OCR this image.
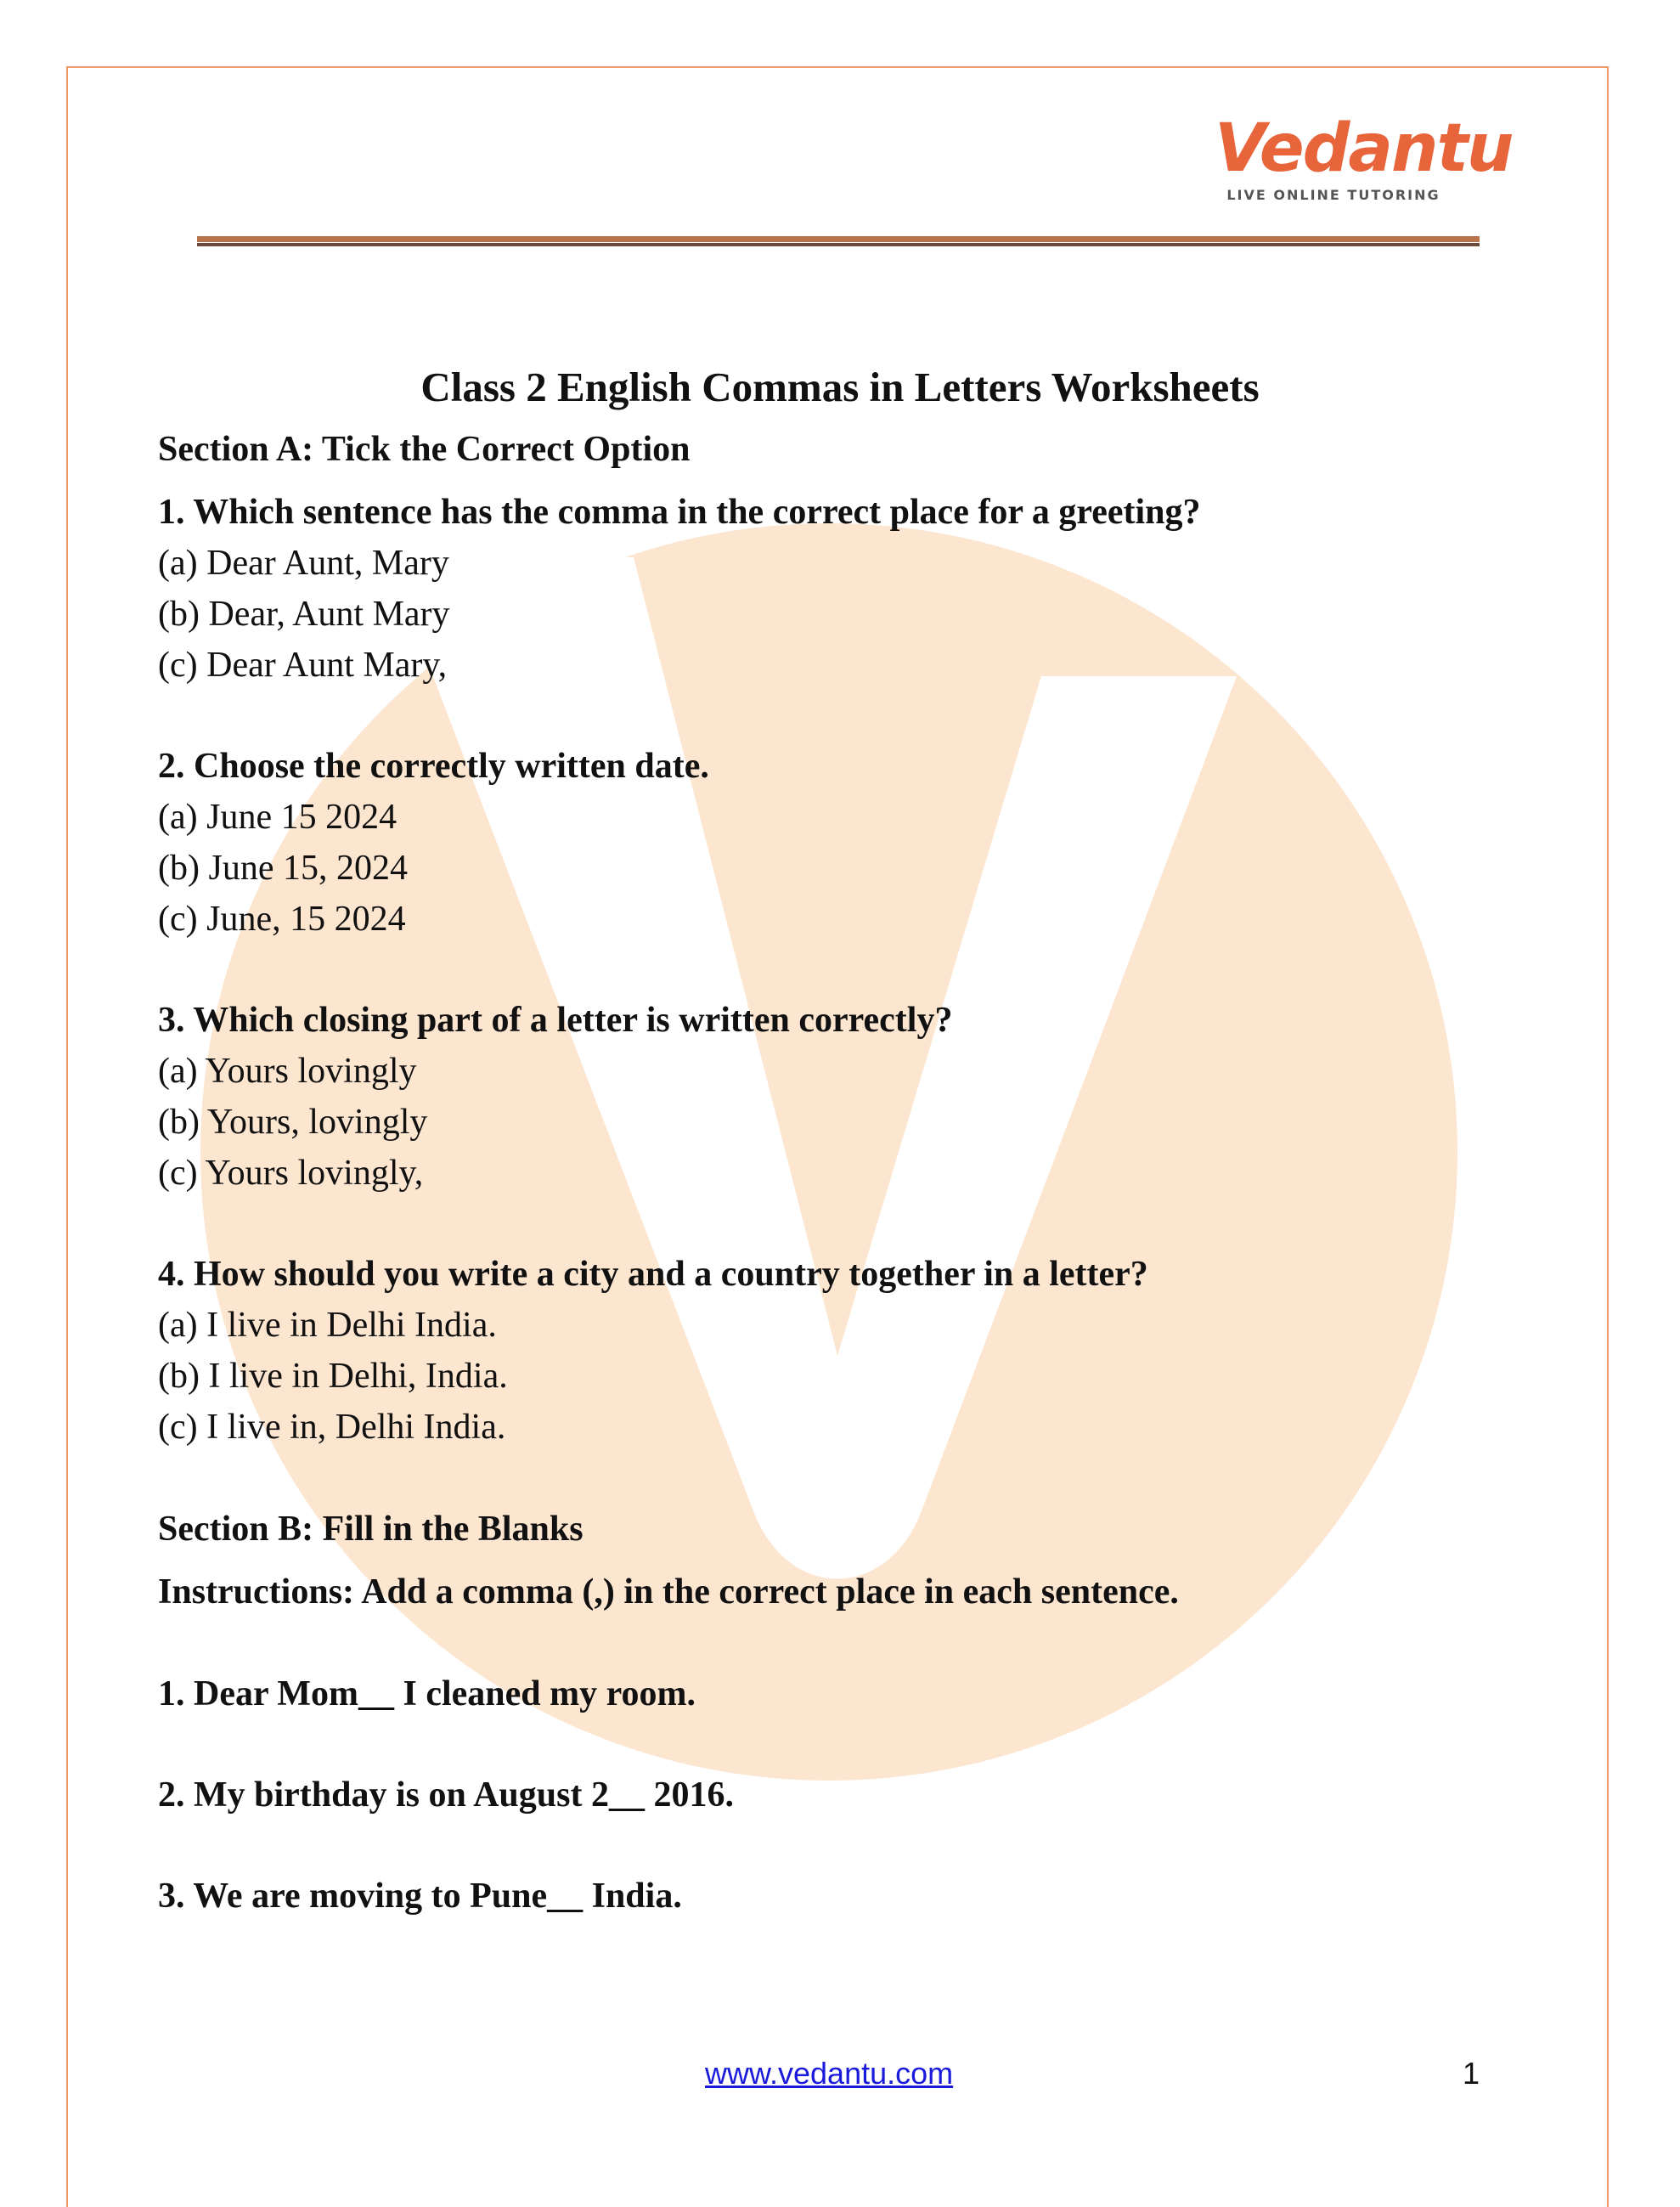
Vedantu
LIVE ONLINE TUTORING
Class 2 English Commas in Letters Worksheets
Section A: Tick the Correct Option
1. Which sentence has the comma in the correct place for a greeting?
(a) Dear Aunt, Mary
(b) Dear, Aunt Mary
(c) Dear Aunt Mary,
2. Choose the correctly written date.
(a) June 15 2024
(b) June 15, 2024
(c) June, 15 2024
3. Which closing part of a letter is written correctly?
(a) Yours lovingly
(b) Yours, lovingly
(c) Yours lovingly,
4. How should you write a city and a country together in a letter?
(a) I live in Delhi India.
(b) I live in Delhi, India.
(c) I live in, Delhi India.
Section B: Fill in the Blanks
Instructions: Add a comma (,) in the correct place in each sentence.
1. Dear Mom__ I cleaned my room.
2. My birthday is on August 2__ 2016.
3. We are moving to Pune__ India.
www.vedantu.com	1
